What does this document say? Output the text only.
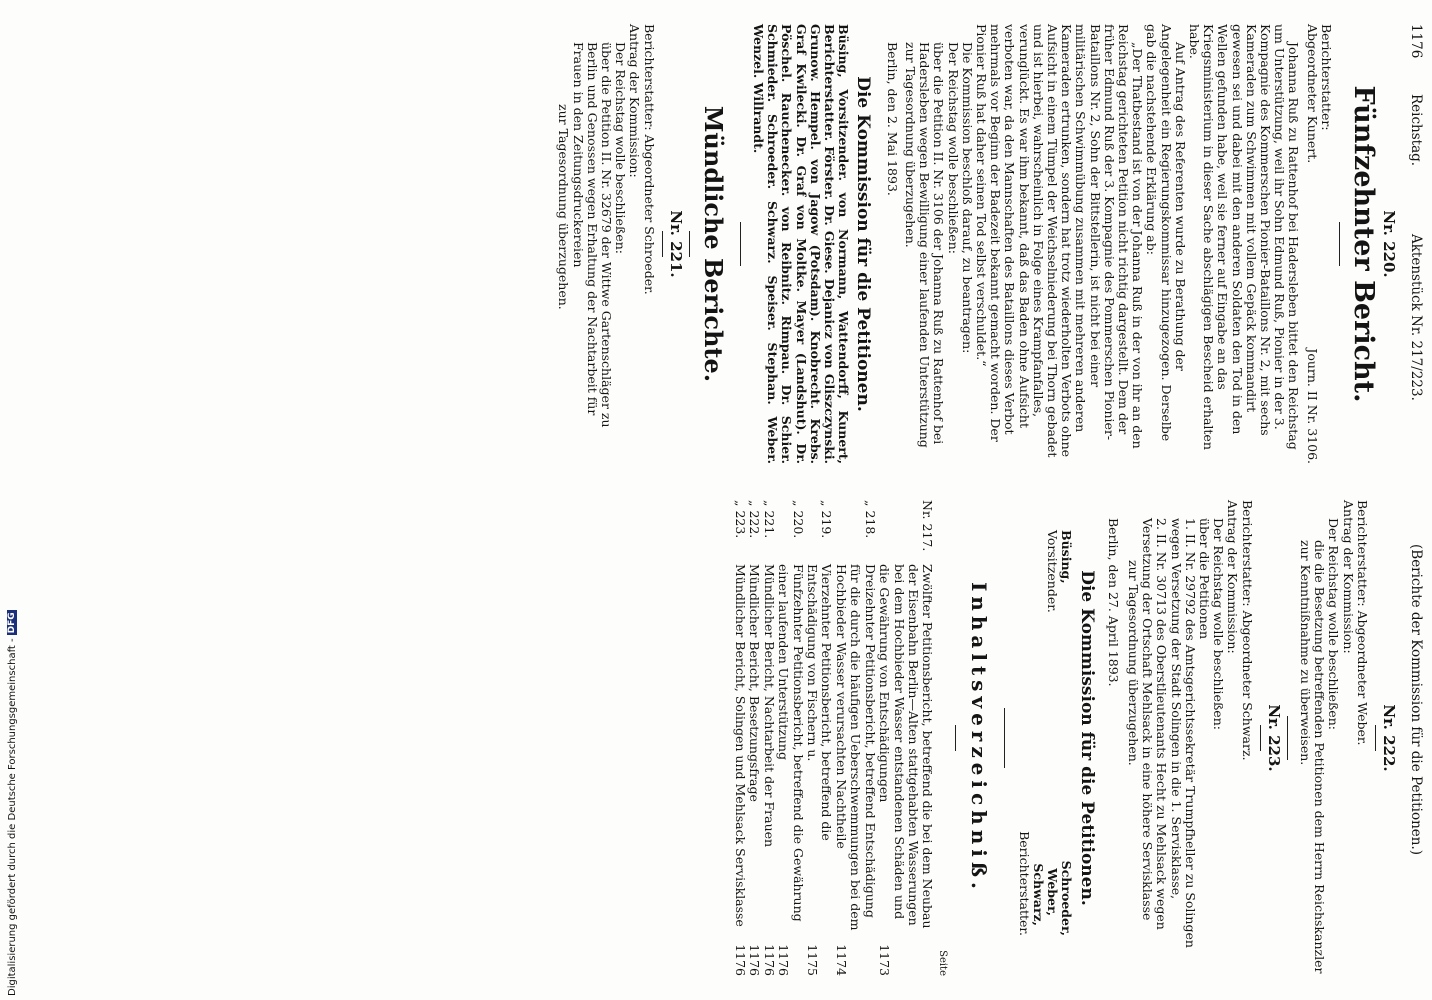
1176
Reichstag.
Aktenstück Nr. 217/223.
(Berichte der Kommission für die Petitionen.)
Nr. 220.

Fünfzehnter Bericht.

Berichterstatter:

Abgeordneter Kunert.

Journ. II Nr. 3106.

Johanna Ruß zu Rattenhof bei Hadersleben bittet den Reichstag um Unterstützung, weil ihr Sohn Edmund Ruß, Pionier in der 3. Kompagnie des Kommerschen Pionier-Bataillons Nr. 2, mit sechs Kameraden zum Schwimmen mit vollem Gepäck kommandirt gewesen sei und dabei mit den anderen Soldaten den Tod in den Wellen gefunden habe, weil sie ferner auf Eingabe an das Kriegsministerium in dieser Sache abschlägigen Bescheid erhalten habe.

Auf Antrag des Referenten wurde zu Berathung der Angelegenheit ein Regierungskommissar hinzugezogen. Derselbe gab die nachstehende Erklärung ab:

„Der Thatbestand ist von der Johanna Ruß in der von ihr an den Reichstag gerichteten Petition nicht richtig dargestellt. Dem der früher Edmund Ruß der 3. Kompagnie des Pommerschen Pionier-Bataillons Nr. 2, Sohn der Bittstellerin, ist nicht bei einer militärischen Schwimmübung zusammen mit mehreren anderen Kameraden ertrunken, sondern hat trotz wiederholten Verbots ohne Aufsicht in einem Tümpel der Weichselniederung bei Thorn gebadet und ist hierbei, wahrscheinlich in Folge eines Krampfanfalles, verunglückt. Es war ihm bekannt, daß das Baden ohne Aufsicht verboten war, da den Mannschaften des Bataillons dieses Verbot mehrmals vor Beginn der Badezeit bekannt gemacht worden. Der Pionier Ruß hat daher seinen Tod selbst verschuldet.“

Die Kommission beschloß darauf, zu beantragen:

Der Reichstag wolle beschließen:

über die Petition II. Nr. 3106 der Johanna Ruß zu Rattenhof bei Hadersleben wegen Bewilligung einer laufenden Unterstützung zur Tagesordnung überzugehen.

Berlin, den 2. Mai 1893.

Die Kommission für die Petitionen.

Büsing, Vorsitzender. von Normann, Wattendorff, Kunert, Berichterstatter. Förster. Dr. Giese. Dejanicz von Gliszczynski. Grunow. Hempel. von Jagow (Potsdam). Knobrecht. Krebs. Graf Kwilecki. Dr. Graf von Moltke. Mayer (Landshut). Dr. Pöschel. Rauchenecker. von Reibnitz. Rimpau. Dr. Schier. Schmieder. Schroeder. Schwarz. Speiser. Stephan. Weber. Wenzel. Willrandt.

Mündliche Berichte.

Nr. 221.

Berichterstatter: Abgeordneter Schroeder.

Antrag der Kommission:

Der Reichstag wolle beschließen:

über die Petition II. Nr. 32679 der Wittwe Gartenschläger zu Berlin und Genossen wegen Erhaltung der Nachtarbeit für Frauen in den Zeitungsdruckereien

zur Tagesordnung überzugehen.

Nr. 222.

Berichterstatter: Abgeordneter Weber.

Antrag der Kommission:

Der Reichstag wolle beschließen:

die die Besetzung betreffenden Petitionen dem Herrn Reichskanzler zur Kenntnißnahme zu überweisen.

Nr. 223.

Berichterstatter: Abgeordneter Schwarz.

Antrag der Kommission:

Der Reichstag wolle beschließen:

über die Petitionen

1. II. Nr. 29792 des Amtsgerichtssekretär Trumpfheller zu Solingen wegen Versetzung der Stadt Solingen in die 1. Servisklasse,

2. II. Nr. 30713 des Oberstlieutenants Hecht zu Mehlsack wegen Versetzung der Ortschaft Mehlsack in eine höhere Servisklasse

zur Tagesordnung überzugehen.

Berlin, den 27. April 1893.

Die Kommission für die Petitionen.

Büsing,
Schroeder,
Vorsitzender.
Weber,
Schwarz,
Berichterstatter.

Inhaltsverzeichniß.

Seite

Nr. 217.
Zwölfter Petitionsbericht, betreffend die bei dem Neubau der Eisenbahn Berlin—Alten stattgehabten Wasserungen bei dem Hochbieder Wasser entstandenen Schäden und die Gewährung von Entschädigungen
1173
„ 218.
Dreizehnter Petitionsbericht, betreffend Entschädigung für die durch die häufigen Ueberschwemmungen bei dem Hochbieder Wasser verursachten Nachtheile
1174
„ 219.
Vierzehnter Petitionsbericht, betreffend die Entschädigung von Fischern u.
1175
„ 220.
Fünfzehnter Petitionsbericht, betreffend die Gewährung einer laufenden Unterstützung
1176
„ 221.
Mündlicher Bericht, Nachtarbeit der Frauen
1176
„ 222.
Mündlicher Bericht, Besetzungsfrage
1176
„ 223.
Mündlicher Bericht, Solingen und Mehlsack Servisklasse
1176
Digitalisierung gefördert durch die Deutsche Forschungsgemeinschaft -
DFG
